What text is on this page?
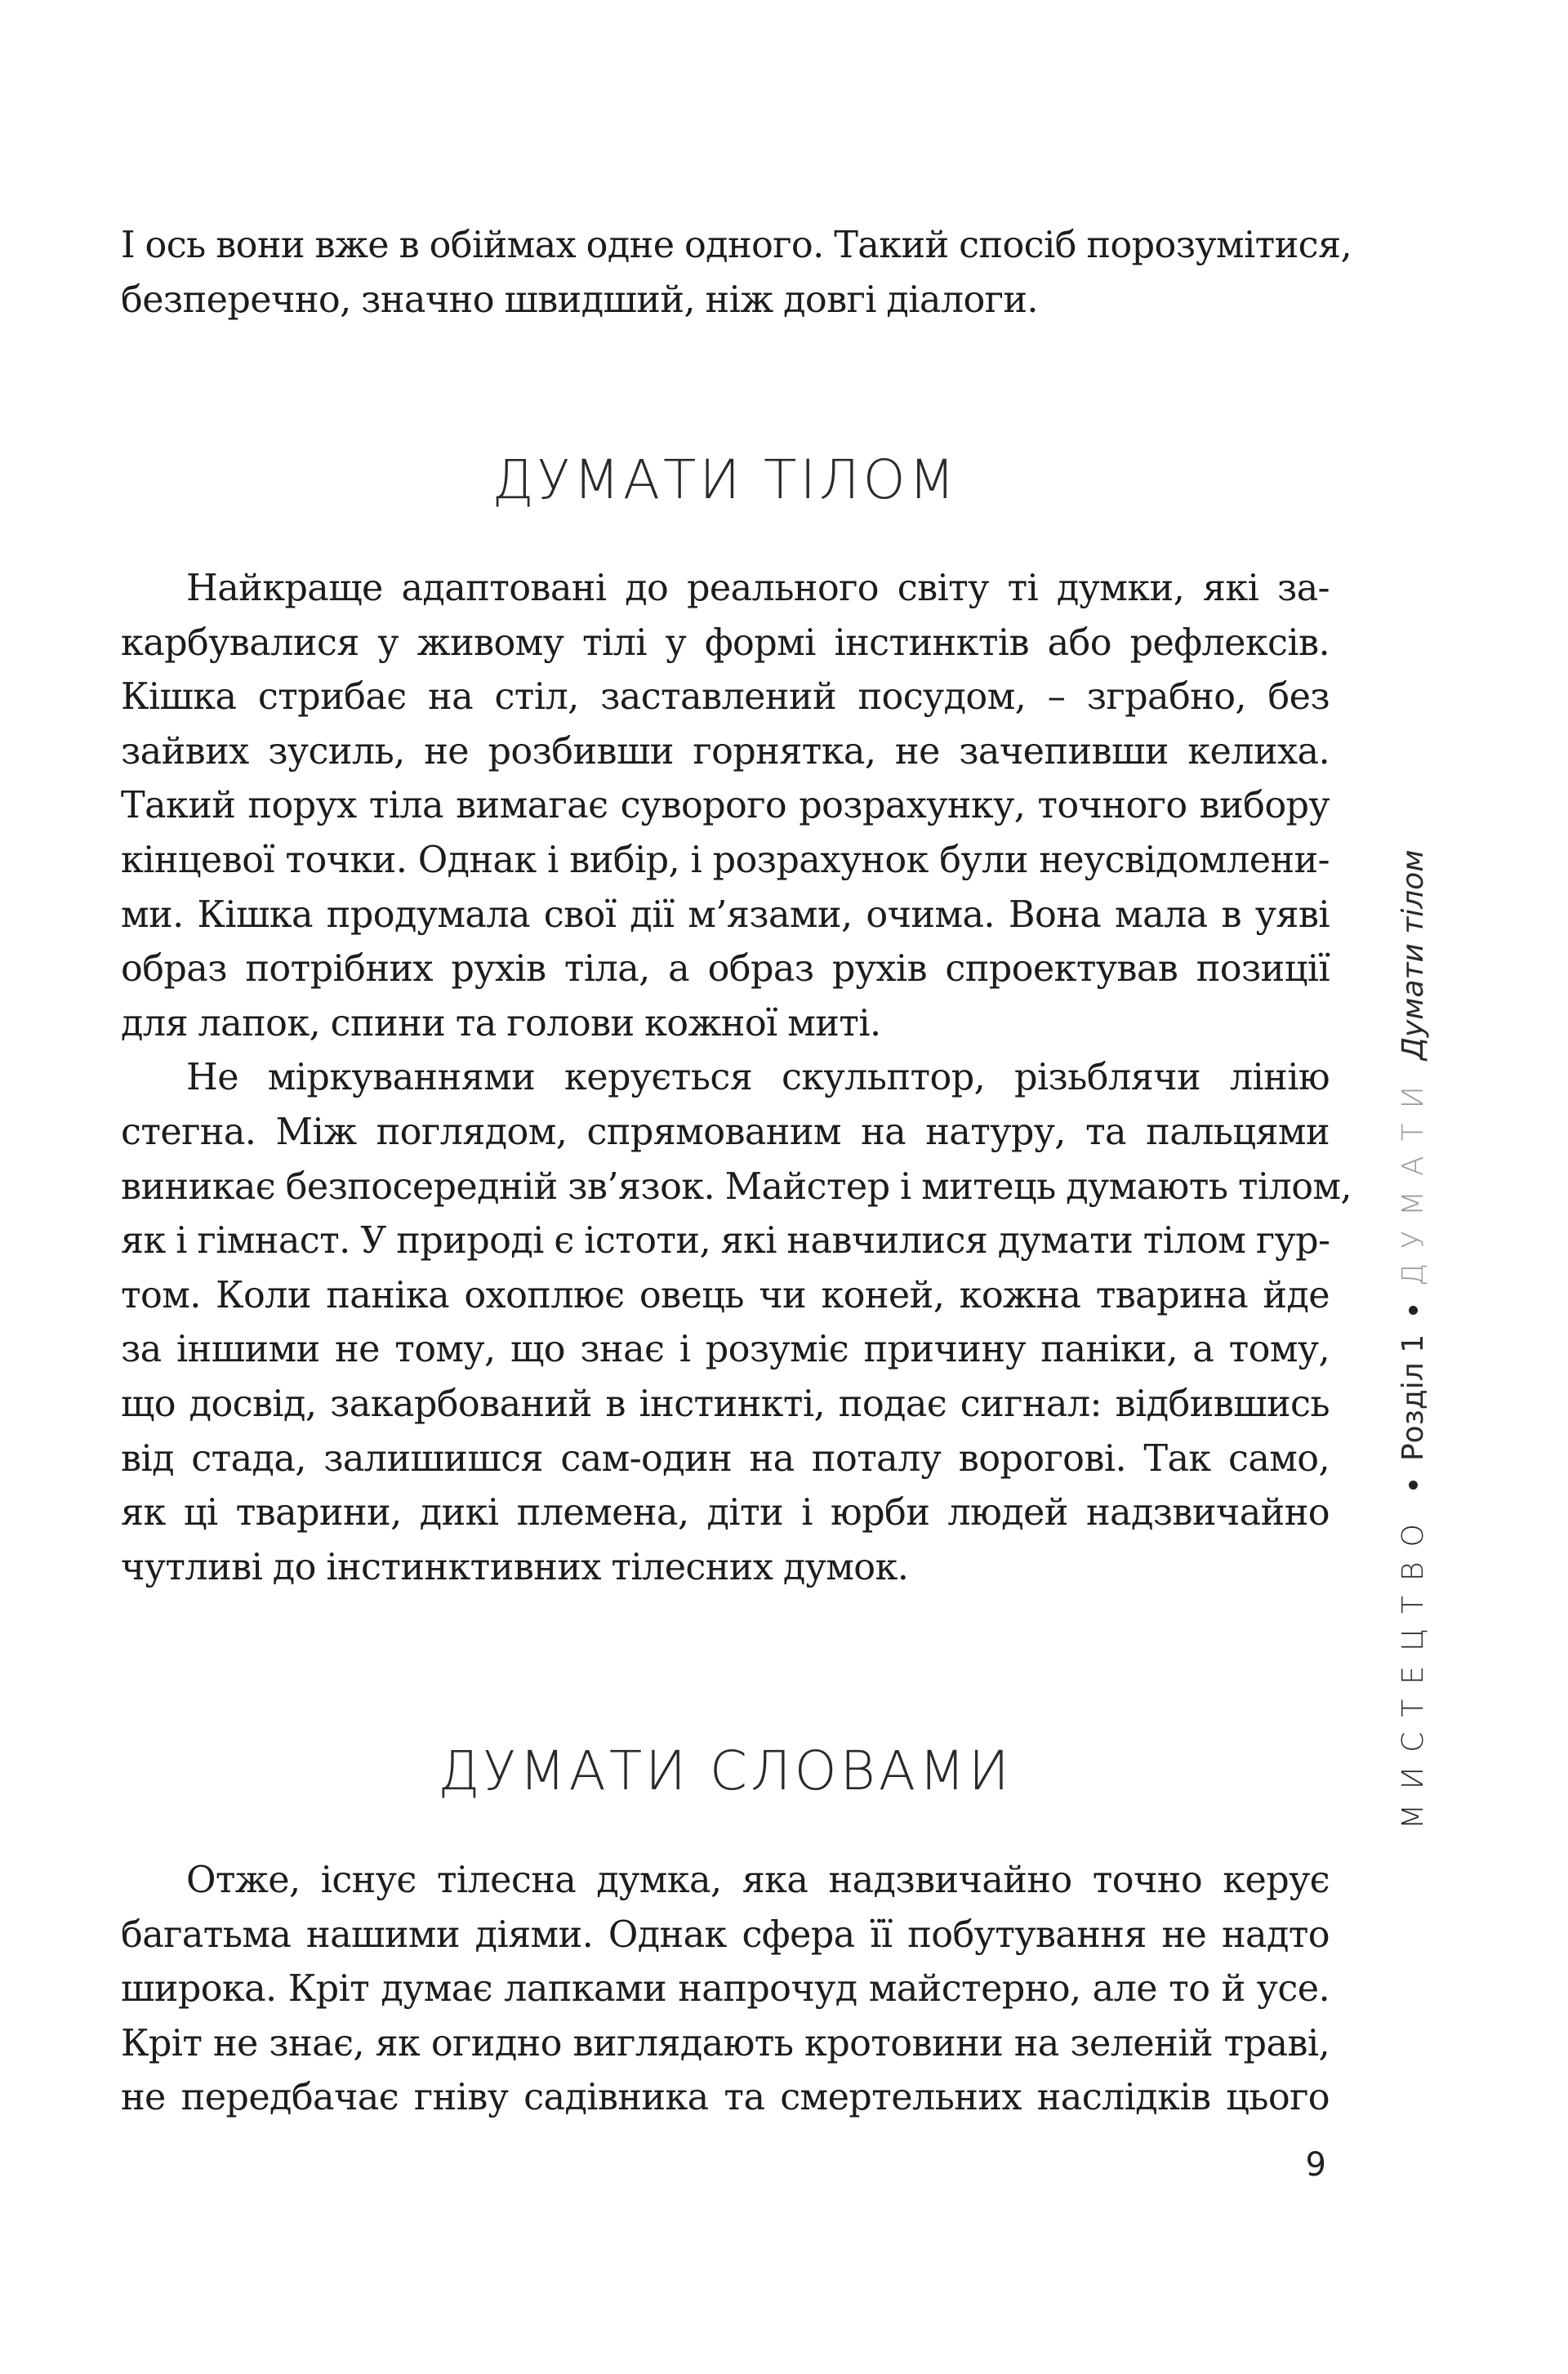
І ось вони вже в обіймах одне одного. Такий спосіб порозумітися,
безперечно, значно швидший, ніж довгі діалоги.
ДУМАТИ ТІЛОМ
Найкраще адаптовані до реального світу ті думки, які за-
карбувалися у живому тілі у формі інстинктів або рефлексів.
Кішка стрибає на стіл, заставлений посудом, – зграбно, без
зайвих зусиль, не розбивши горнятка, не зачепивши келиха.
Такий порух тіла вимагає суворого розрахунку, точного вибору
кінцевої точки. Однак і вибір, і розрахунок були неусвідомлени-
ми. Кішка продумала свої дії м’язами, очима. Вона мала в уяві
образ потрібних рухів тіла, а образ рухів спроектував позиції
для лапок, спини та голови кожної миті.
Не міркуваннями керується скульптор, різьблячи лінію
стегна. Між поглядом, спрямованим на натуру, та пальцями
виникає безпосередній зв’язок. Майстер і митець думають тілом,
як і гімнаст. У природі є істоти, які навчилися думати тілом гур-
том. Коли паніка охоплює овець чи коней, кожна тварина йде
за іншими не тому, що знає і розуміє причину паніки, а тому,
що досвід, закарбований в інстинкті, подає сигнал: відбившись
від стада, залишишся сам-один на поталу ворогові. Так само,
як ці тварини, дикі племена, діти і юрби людей надзвичайно
чутливі до інстинктивних тілесних думок.
ДУМАТИ СЛОВАМИ
Отже, існує тілесна думка, яка надзвичайно точно керує
багатьма нашими діями. Однак сфера її побутування не надто
широка. Кріт думає лапками напрочуд майстерно, але то й усе.
Кріт не знає, як огидно виглядають кротовини на зеленій траві,
не передбачає гніву садівника та смертельних наслідків цього
9
МИСТЕЦТВО
Розділ 1
ДУМАТИ
Думати тілом
